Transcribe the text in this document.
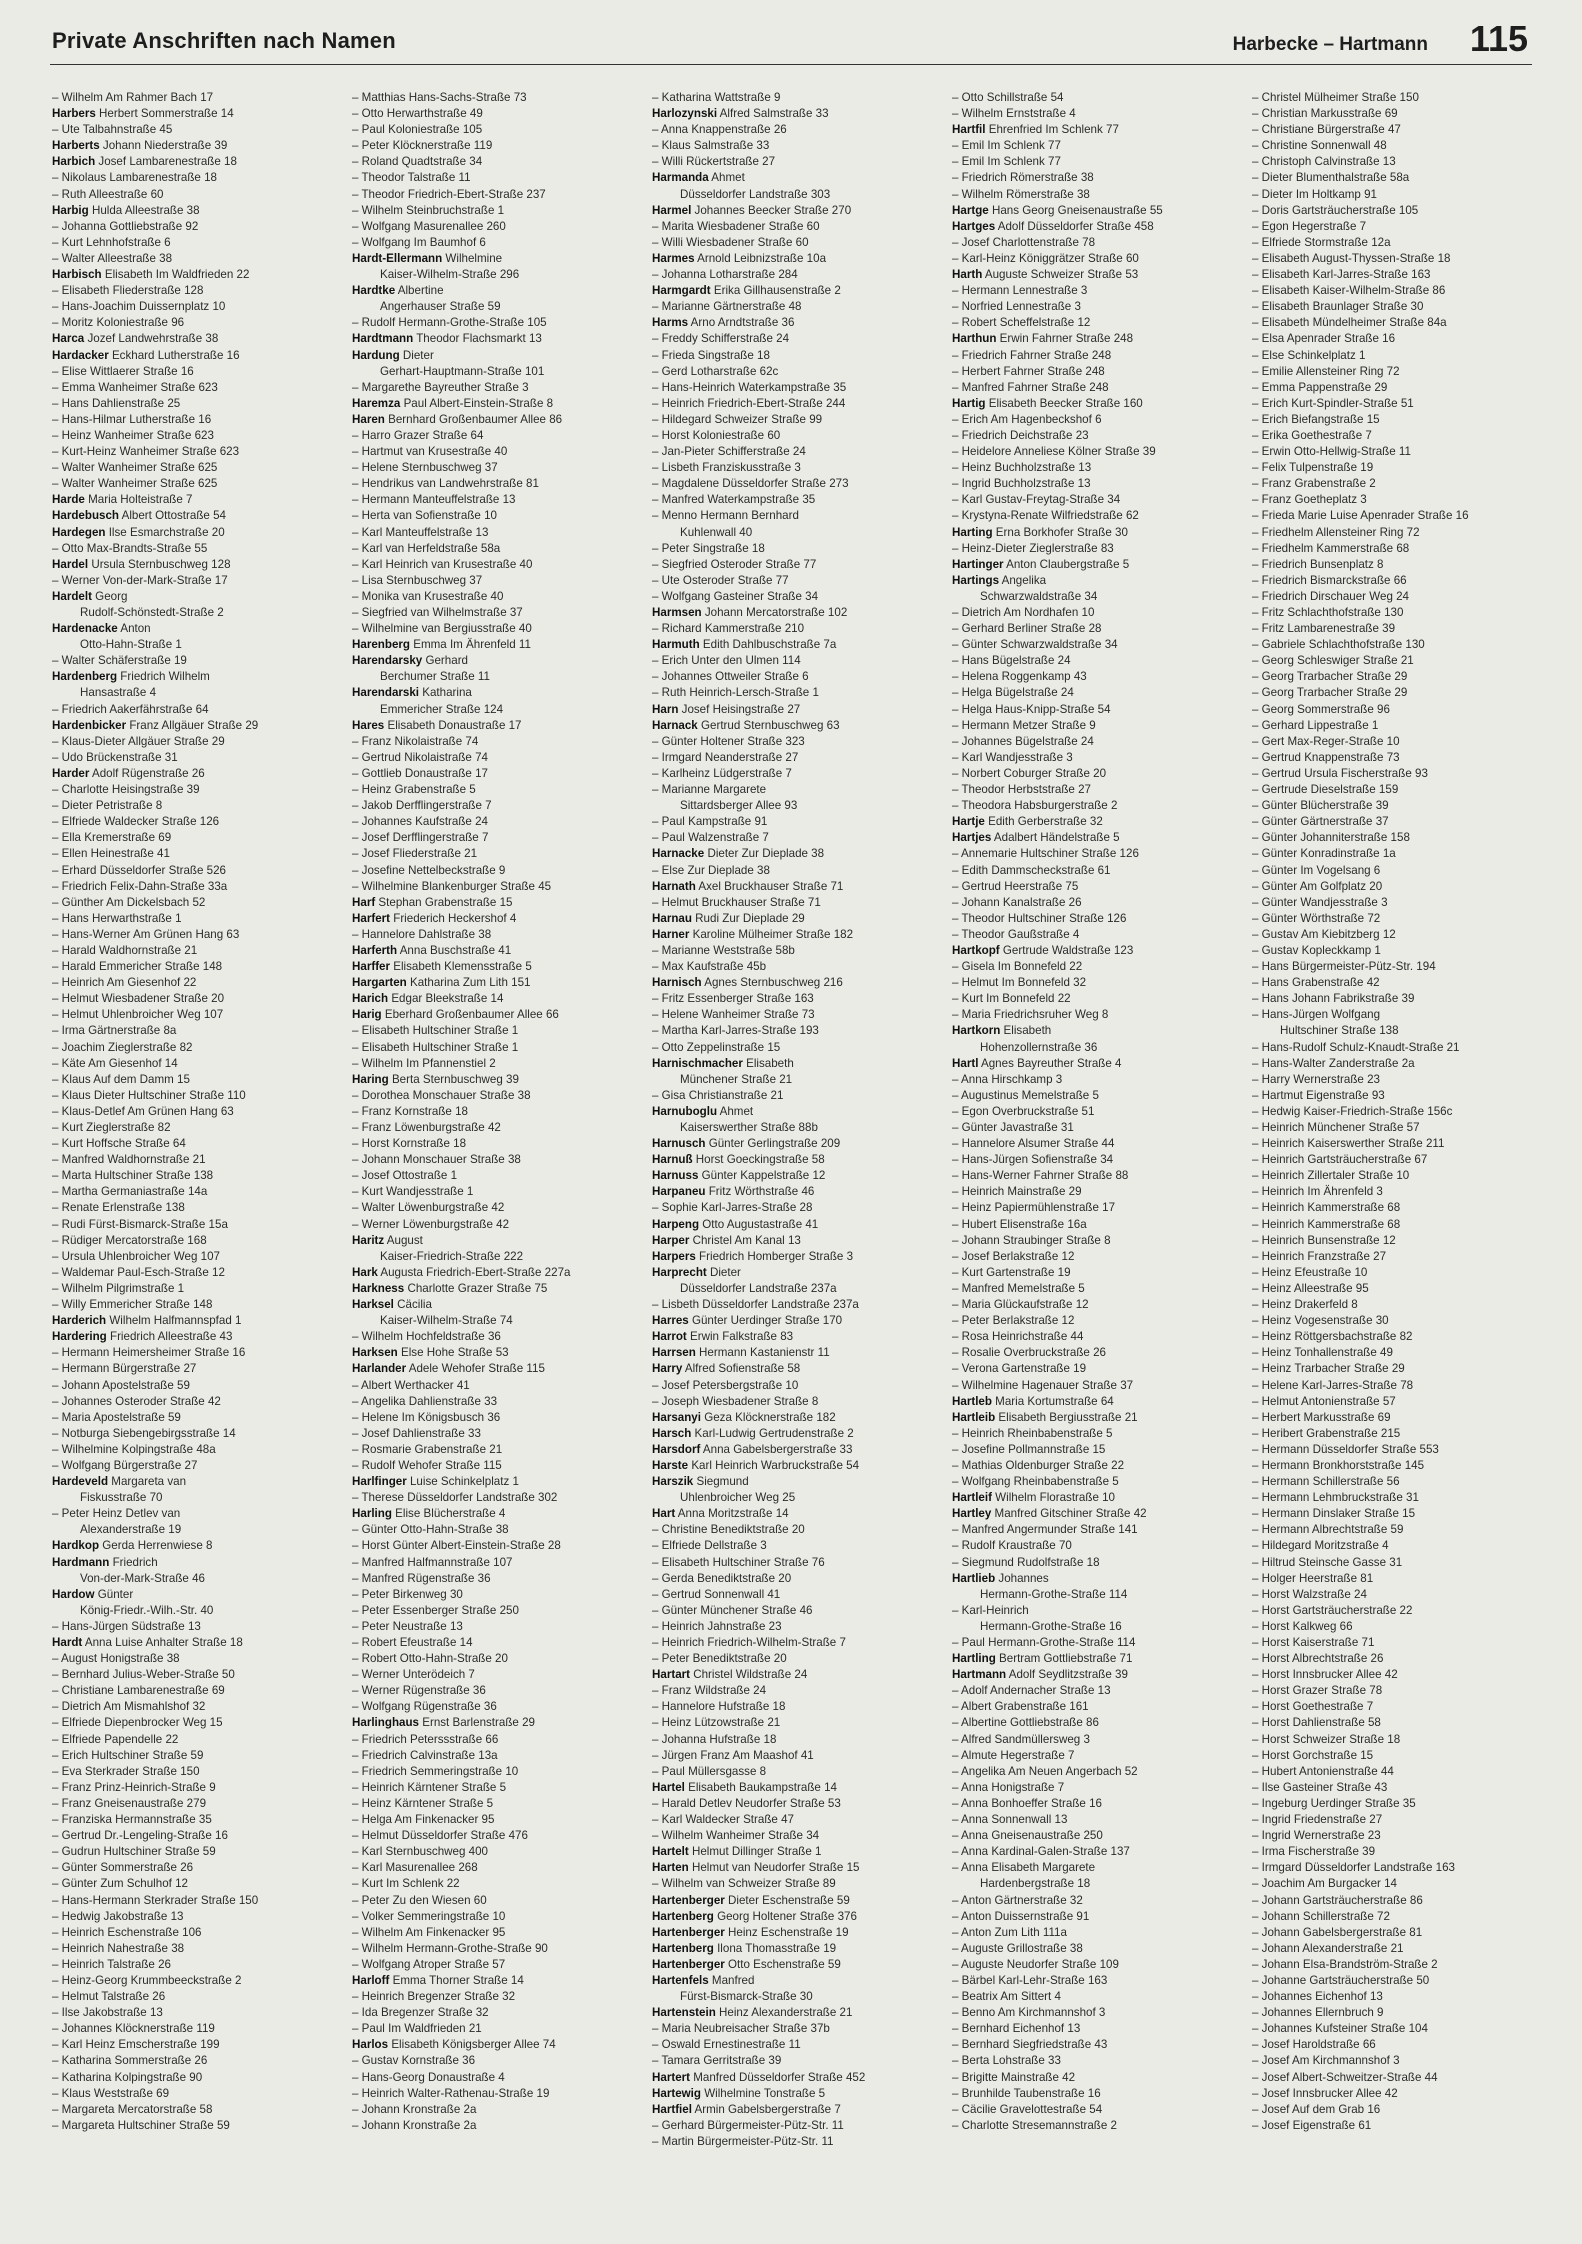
Private Anschriften nach Namen	Harbecke – Hartmann 115
– Wilhelm Am Rahmer Bach 17
Harbers Herbert Sommerstraße 14
– Ute Talbahnstraße 45
Harberts Johann Niederstraße 39
Harbich Josef Lambarenestraße 18
– Nikolaus Lambarenestraße 18
– Ruth Alleestraße 60
Harbig Hulda Alleestraße 38
– Johanna Gottliebstraße 92
– Kurt Lehnhofstraße 6
– Walter Alleestraße 38
Harbisch Elisabeth Im Waldfrieden 22
– Elisabeth Fliederstraße 128
– Hans-Joachim Duissernplatz 10
– Moritz Koloniestraße 96
Harca Jozef Landwehrstraße 38
Hardacker Eckhard Lutherstraße 16
– Elise Wittlaerer Straße 16
– Emma Wanheimer Straße 623
– Hans Dahlienstraße 25
– Hans-Hilmar Lutherstraße 16
– Heinz Wanheimer Straße 623
– Kurt-Heinz Wanheimer Straße 623
– Walter Wanheimer Straße 625
– Walter Wanheimer Straße 625
Harde Maria Holteistraße 7
Hardebusch Albert Ottostraße 54
Hardegen Ilse Esmarchstraße 20
– Otto Max-Brandts-Straße 55
Hardel Ursula Sternbuschweg 128
– Werner Von-der-Mark-Straße 17
Hardelt Georg
Rudolf-Schönstedt-Straße 2
Hardenacke Anton
Otto-Hahn-Straße 1
– Walter Schäferstraße 19
Hardenberg Friedrich Wilhelm
Hansastraße 4
– Friedrich Aakerfährstraße 64
Hardenbicker Franz Allgäuer Straße 29
– Klaus-Dieter Allgäuer Straße 29
– Udo Brückenstraße 31
Harder Adolf Rügenstraße 26
– Charlotte Heisingstraße 39
– Dieter Petristraße 8
– Elfriede Waldecker Straße 126
– Ella Kremerstraße 69
– Ellen Heinestraße 41
– Erhard Düsseldorfer Straße 526
– Friedrich Felix-Dahn-Straße 33a
– Günther Am Dickelsbach 52
– Hans Herwarthstraße 1
– Hans-Werner Am Grünen Hang 63
– Harald Waldhornstraße 21
– Harald Emmericher Straße 148
– Heinrich Am Giesenhof 22
– Helmut Wiesbadener Straße 20
– Helmut Uhlenbroicher Weg 107
– Irma Gärtnerstraße 8a
– Joachim Zieglerstraße 82
– Käte Am Giesenhof 14
– Klaus Auf dem Damm 15
– Klaus Dieter Hultschiner Straße 110
– Klaus-Detlef Am Grünen Hang 63
– Kurt Zieglerstraße 82
– Kurt Hoffsche Straße 64
– Manfred Waldhornstraße 21
– Marta Hultschiner Straße 138
– Martha Germaniastraße 14a
– Renate Erlenstraße 138
– Rudi Fürst-Bismarck-Straße 15a
– Rüdiger Mercatorstraße 168
– Ursula Uhlenbroicher Weg 107
– Waldemar Paul-Esch-Straße 12
– Wilhelm Pilgrimstraße 1
– Willy Emmericher Straße 148
Harderich Wilhelm Halfmannspfad 1
Hardering Friedrich Alleestraße 43
– Hermann Heimersheimer Straße 16
– Hermann Bürgerstraße 27
– Johann Apostelstraße 59
– Johannes Osteroder Straße 42
– Maria Apostelstraße 59
– Notburga Siebengebirgsstraße 14
– Wilhelmine Kolpingstraße 48a
– Wolfgang Bürgerstraße 27
Hardeveld Margareta van
Fiskusstraße 70
– Peter Heinz Detlev van
Alexanderstraße 19
Hardkop Gerda Herrenwiese 8
Hardmann Friedrich
Von-der-Mark-Straße 46
Hardow Günter
König-Friedr.-Wilh.-Str. 40
– Hans-Jürgen Südstraße 13
Hardt Anna Luise Anhalter Straße 18
– August Honigstraße 38
– Bernhard Julius-Weber-Straße 50
– Christiane Lambarenestraße 69
– Dietrich Am Mismahlshof 32
– Elfriede Diepenbrocker Weg 15
– Elfriede Papendelle 22
– Erich Hultschiner Straße 59
– Eva Sterkrader Straße 150
– Franz Prinz-Heinrich-Straße 9
– Franz Gneisenaustraße 279
– Franziska Hermannstraße 35
– Gertrud Dr.-Lengeling-Straße 16
– Gudrun Hultschiner Straße 59
– Günter Sommerstraße 26
– Günter Zum Schulhof 12
– Hans-Hermann Sterkrader Straße 150
– Hedwig Jakobstraße 13
– Heinrich Eschenstraße 106
– Heinrich Nahestraße 38
– Heinrich Talstraße 26
– Heinz-Georg Krummbeeckstraße 2
– Helmut Talstraße 26
– Ilse Jakobstraße 13
– Johannes Klöcknerstraße 119
– Karl Heinz Emscherstraße 199
– Katharina Sommerstraße 26
– Katharina Kolpingstraße 90
– Klaus Weststraße 69
– Margareta Mercatorstraße 58
– Margareta Hultschiner Straße 59
– Matthias Hans-Sachs-Straße 73
– Otto Herwarthstraße 49
– Paul Koloniestraße 105
– Peter Klöcknerstraße 119
– Roland Quadtstraße 34
– Theodor Talstraße 11
– Theodor Friedrich-Ebert-Straße 237
– Wilhelm Steinbruchstraße 1
– Wolfgang Masurenallee 260
– Wolfgang Im Baumhof 6
Hardt-Ellermann Wilhelmine
Kaiser-Wilhelm-Straße 296
Hardtke Albertine
Angerhauser Straße 59
– Rudolf Hermann-Grothe-Straße 105
Hardtmann Theodor Flachsmarkt 13
Hardung Dieter
Gerhart-Hauptmann-Straße 101
– Margarethe Bayreuther Straße 3
Haremza Paul Albert-Einstein-Straße 8
Haren Bernhard Großenbaumer Allee 86
– Harro Grazer Straße 64
– Hartmut van Krusestraße 40
– Helene Sternbuschweg 37
– Hendrikus van Landwehrstraße 81
– Hermann Manteuffelstraße 13
– Herta van Sofienstraße 10
– Karl Manteuffelstraße 13
– Karl van Herfeldstraße 58a
– Karl Heinrich van Krusestraße 40
– Lisa Sternbuschweg 37
– Monika van Krusestraße 40
– Siegfried van Wilhelmstraße 37
– Wilhelmine van Bergiusstraße 40
Harenberg Emma Im Ährenfeld 11
Harendarsky Gerhard
Berchumer Straße 11
Harendarski Katharina
Emmericher Straße 124
Hares Elisabeth Donaustraße 17
– Franz Nikolaistraße 74
– Gertrud Nikolaistraße 74
– Gottlieb Donaustraße 17
– Heinz Grabenstraße 5
– Jakob Derfflingerstraße 7
– Johannes Kaufstraße 24
– Josef Derfflingerstraße 7
– Josef Fliederstraße 21
– Josefine Nettelbeckstraße 9
– Wilhelmine Blankenburger Straße 45
Harf Stephan Grabenstraße 15
Harfert Friederich Heckershof 4
– Hannelore Dahlstraße 38
Harferth Anna Buschstraße 41
Harffer Elisabeth Klemensstraße 5
Hargarten Katharina Zum Lith 151
Harich Edgar Bleekstraße 14
Harig Eberhard Großenbaumer Allee 66
– Elisabeth Hultschiner Straße 1
– Elisabeth Hultschiner Straße 1
– Wilhelm Im Pfannenstiel 2
Haring Berta Sternbuschweg 39
– Dorothea Monschauer Straße 38
– Franz Kornstraße 18
– Franz Löwenburgstraße 42
– Horst Kornstraße 18
– Johann Monschauer Straße 38
– Josef Ottostraße 1
– Kurt Wandjesstraße 1
– Walter Löwenburgstraße 42
– Werner Löwenburgstraße 42
Haritz August
Kaiser-Friedrich-Straße 222
Hark Augusta Friedrich-Ebert-Straße 227a
Harkness Charlotte Grazer Straße 75
Harksel Cäcilia
Kaiser-Wilhelm-Straße 74
– Wilhelm Hochfeldstraße 36
Harksen Else Hohe Straße 53
Harlander Adele Wehofer Straße 115
– Albert Werthacker 41
– Angelika Dahlienstraße 33
– Helene Im Königsbusch 36
– Josef Dahlienstraße 33
– Rosmarie Grabenstraße 21
– Rudolf Wehofer Straße 115
Harlfinger Luise Schinkelplatz 1
– Therese Düsseldorfer Landstraße 302
Harling Elise Blücherstraße 4
– Günter Otto-Hahn-Straße 38
– Horst Günter Albert-Einstein-Straße 28
– Manfred Halfmannstraße 107
– Manfred Rügenstraße 36
– Peter Birkenweg 30
– Peter Essenberger Straße 250
– Peter Neustraße 13
– Robert Efeustraße 14
– Robert Otto-Hahn-Straße 20
– Werner Unterödeich 7
– Werner Rügenstraße 36
– Wolfgang Rügenstraße 36
Harlinghaus Ernst Barlenstraße 29
– Friedrich Peterssstraße 66
– Friedrich Calvinstraße 13a
– Friedrich Semmeringstraße 10
– Heinrich Kärntener Straße 5
– Heinz Kärntener Straße 5
– Helga Am Finkenacker 95
– Helmut Düsseldorfer Straße 476
– Karl Sternbuschweg 400
– Karl Masurenallee 268
– Kurt Im Schlenk 22
– Peter Zu den Wiesen 60
– Volker Semmeringstraße 10
– Wilhelm Am Finkenacker 95
– Wilhelm Hermann-Grothe-Straße 90
– Wolfgang Atroper Straße 57
Harloff Emma Thorner Straße 14
– Heinrich Bregenzer Straße 32
– Ida Bregenzer Straße 32
– Paul Im Waldfrieden 21
Harlos Elisabeth Königsberger Allee 74
– Gustav Kornstraße 36
– Hans-Georg Donaustraße 4
– Heinrich Walter-Rathenau-Straße 19
– Johann Kronstraße 2a
– Johann Kronstraße 2a
– Katharina Wattstraße 9
Harlozynski Alfred Salmstraße 33
– Anna Knappenstraße 26
– Klaus Salmstraße 33
– Willi Rückertstraße 27
Harmanda Ahmet
Düsseldorfer Landstraße 303
Harmel Johannes Beecker Straße 270
– Marita Wiesbadener Straße 60
– Willi Wiesbadener Straße 60
Harmes Arnold Leibnizstraße 10a
– Johanna Lotharstraße 284
Harmgardt Erika Gillhausenstraße 2
– Marianne Gärtnerstraße 48
Harms Arno Arndtstraße 36
– Freddy Schifferstraße 24
– Frieda Singstraße 18
– Gerd Lotharstraße 62c
– Hans-Heinrich Waterkampstraße 35
– Heinrich Friedrich-Ebert-Straße 244
– Hildegard Schweizer Straße 99
– Horst Koloniestraße 60
– Jan-Pieter Schifferstraße 24
– Lisbeth Franziskusstraße 3
– Magdalene Düsseldorfer Straße 273
– Manfred Waterkampstraße 35
– Menno Hermann Bernhard
Kuhlenwall 40
– Peter Singstraße 18
– Siegfried Osteroder Straße 77
– Ute Osteroder Straße 77
– Wolfgang Gasteiner Straße 34
Harmsen Johann Mercatorstraße 102
– Richard Kammerstraße 210
Harmuth Edith Dahlbuschstraße 7a
– Erich Unter den Ulmen 114
– Johannes Ottweiler Straße 6
– Ruth Heinrich-Lersch-Straße 1
Harn Josef Heisingstraße 27
Harnack Gertrud Sternbuschweg 63
– Günter Holtener Straße 323
– Irmgard Neanderstraße 27
– Karlheinz Lüdgerstraße 7
– Marianne Margarete
Sittardsberger Allee 93
– Paul Kampstraße 91
– Paul Walzenstraße 7
Harnacke Dieter Zur Dieplade 38
– Else Zur Dieplade 38
Harnath Axel Bruckhauser Straße 71
– Helmut Bruckhauser Straße 71
Harnau Rudi Zur Dieplade 29
Harner Karoline Mülheimer Straße 182
– Marianne Weststraße 58b
– Max Kaufstraße 45b
Harnisch Agnes Sternbuschweg 216
– Fritz Essenberger Straße 163
– Helene Wanheimer Straße 73
– Martha Karl-Jarres-Straße 193
– Otto Zeppelinstraße 15
Harnischmacher Elisabeth
Münchener Straße 21
– Gisa Christianstraße 21
Harnuboglu Ahmet
Kaiserswerther Straße 88b
Harnusch Günter Gerlingstraße 209
Harnuß Horst Goeckingstraße 58
Harnuss Günter Kappelstraße 12
Harpaneu Fritz Wörthstraße 46
– Sophie Karl-Jarres-Straße 28
Harpeng Otto Augustastraße 41
Harper Christel Am Kanal 13
Harpers Friedrich Homberger Straße 3
Harprecht Dieter
Düsseldorfer Landstraße 237a
– Lisbeth Düsseldorfer Landstraße 237a
Harres Günter Uerdinger Straße 170
Harrot Erwin Falkstraße 83
Harrsen Hermann Kastanienstr 11
Harry Alfred Sofienstraße 58
– Josef Petersbergstraße 10
– Joseph Wiesbadener Straße 8
Harsanyi Geza Klöcknerstraße 182
Harsch Karl-Ludwig Gertrudenstraße 2
Harsdorf Anna Gabelsbergerstraße 33
Harste Karl Heinrich Warbruckstraße 54
Harszik Siegmund
Uhlenbroicher Weg 25
Hart Anna Moritzstraße 14
– Christine Benediktstraße 20
– Elfriede Dellstraße 3
– Elisabeth Hultschiner Straße 76
– Gerda Benediktstraße 20
– Gertrud Sonnenwall 41
– Günter Münchener Straße 46
– Heinrich Jahnstraße 23
– Heinrich Friedrich-Wilhelm-Straße 7
– Peter Benediktstraße 20
Hartart Christel Wildstraße 24
– Franz Wildstraße 24
– Hannelore Hufstraße 18
– Heinz Lützowstraße 21
– Johanna Hufstraße 18
– Jürgen Franz Am Maashof 41
– Paul Müllersgasse 8
Hartel Elisabeth Baukampstraße 14
– Harald Detlev Neudorfer Straße 53
– Karl Waldecker Straße 47
– Wilhelm Wanheimer Straße 34
Hartelt Helmut Dillinger Straße 1
Harten Helmut van Neudorfer Straße 15
– Wilhelm van Schweizer Straße 89
Hartenberger Dieter Eschenstraße 59
Hartenberg Georg Holtener Straße 376
Hartenberger Heinz Eschenstraße 19
Hartenberg Ilona Thomasstraße 19
Hartenberger Otto Eschenstraße 59
Hartenfels Manfred
Fürst-Bismarck-Straße 30
Hartenstein Heinz Alexanderstraße 21
– Maria Neubreisacher Straße 37b
– Oswald Ernestinestraße 11
– Tamara Gerritstraße 39
Hartert Manfred Düsseldorfer Straße 452
Hartewig Wilhelmine Tonstraße 5
Hartfiel Armin Gabelsbergerstraße 7
– Gerhard Bürgermeister-Pütz-Str. 11
– Martin Bürgermeister-Pütz-Str. 11
– Otto Schillstraße 54
– Wilhelm Ernststraße 4
Hartfil Ehrenfried Im Schlenk 77
– Emil Im Schlenk 77
– Emil Im Schlenk 77
– Friedrich Römerstraße 38
– Wilhelm Römerstraße 38
Hartge Hans Georg Gneisenaustraße 55
Hartges Adolf Düsseldorfer Straße 458
– Josef Charlottenstraße 78
– Karl-Heinz Königgrätzer Straße 60
Harth Auguste Schweizer Straße 53
– Hermann Lennestraße 3
– Norfried Lennestraße 3
– Robert Scheffelstraße 12
Harthun Erwin Fahrner Straße 248
– Friedrich Fahrner Straße 248
– Herbert Fahrner Straße 248
– Manfred Fahrner Straße 248
Hartig Elisabeth Beecker Straße 160
– Erich Am Hagenbeckshof 6
– Friedrich Deichstraße 23
– Heidelore Anneliese Kölner Straße 39
– Heinz Buchholzstraße 13
– Ingrid Buchholzstraße 13
– Karl Gustav-Freytag-Straße 34
– Krystyna-Renate Wilfriedstraße 62
Harting Erna Borkhofer Straße 30
– Heinz-Dieter Zieglerstraße 83
Hartinger Anton Claubergstraße 5
Hartings Angelika
Schwarzwaldstraße 34
– Dietrich Am Nordhafen 10
– Gerhard Berliner Straße 28
– Günter Schwarzwaldstraße 34
– Hans Bügelstraße 24
– Helena Roggenkamp 43
– Helga Bügelstraße 24
– Helga Haus-Knipp-Straße 54
– Hermann Metzer Straße 9
– Johannes Bügelstraße 24
– Karl Wandjesstraße 3
– Norbert Coburger Straße 20
– Theodor Herbststraße 27
– Theodora Habsburgerstraße 2
Hartje Edith Gerberstraße 32
Hartjes Adalbert Händelstraße 5
– Annemarie Hultschiner Straße 126
– Edith Dammscheckstraße 61
– Gertrud Heerstraße 75
– Johann Kanalstraße 26
– Theodor Hultschiner Straße 126
– Theodor Gaußstraße 4
Hartkopf Gertrude Waldstraße 123
– Gisela Im Bonnefeld 22
– Helmut Im Bonnefeld 32
– Kurt Im Bonnefeld 22
– Maria Friedrichsruher Weg 8
Hartkorn Elisabeth
Hohenzollernstraße 36
Hartl Agnes Bayreuther Straße 4
– Anna Hirschkamp 3
– Augustinus Memelstraße 5
– Egon Overbruckstraße 51
– Günter Javastraße 31
– Hannelore Alsumer Straße 44
– Hans-Jürgen Sofienstraße 34
– Hans-Werner Fahrner Straße 88
– Heinrich Mainstraße 29
– Heinz Papiermühlenstraße 17
– Hubert Elisenstraße 16a
– Johann Straubinger Straße 8
– Josef Berlakstraße 12
– Kurt Gartenstraße 19
– Manfred Memelstraße 5
– Maria Glückaufstraße 12
– Peter Berlakstraße 12
– Rosa Heinrichstraße 44
– Rosalie Overbruckstraße 26
– Verona Gartenstraße 19
– Wilhelmine Hagenauer Straße 37
Hartleb Maria Kortumstraße 64
Hartleib Elisabeth Bergiusstraße 21
– Heinrich Rheinbabenstraße 5
– Josefine Pollmannstraße 15
– Mathias Oldenburger Straße 22
– Wolfgang Rheinbabenstraße 5
Hartleif Wilhelm Florastraße 10
Hartley Manfred Gitschiner Straße 42
– Manfred Angermunder Straße 141
– Rudolf Kraustraße 70
– Siegmund Rudolfstraße 18
Hartlieb Johannes
Hermann-Grothe-Straße 114
– Karl-Heinrich
Hermann-Grothe-Straße 16
– Paul Hermann-Grothe-Straße 114
Hartling Bertram Gottliebstraße 71
Hartmann Adolf Seydlitzstraße 39
– Adolf Andernacher Straße 13
– Albert Grabenstraße 161
– Albertine Gottliebstraße 86
– Alfred Sandmüllersweg 3
– Almute Hegerstraße 7
– Angelika Am Neuen Angerbach 52
– Anna Honigstraße 7
– Anna Bonhoeffer Straße 16
– Anna Sonnenwall 13
– Anna Gneisenaustraße 250
– Anna Kardinal-Galen-Straße 137
– Anna Elisabeth Margarete
Hardenbergstraße 18
– Anton Gärtnerstraße 32
– Anton Duissernstraße 91
– Anton Zum Lith 111a
– Auguste Grillostraße 38
– Auguste Neudorfer Straße 109
– Bärbel Karl-Lehr-Straße 163
– Beatrix Am Sittert 4
– Benno Am Kirchmannshof 3
– Bernhard Eichenhof 13
– Bernhard Siegfriedstraße 43
– Berta Lohstraße 33
– Brigitte Mainstraße 42
– Brunhilde Taubenstraße 16
– Cäcilie Gravelottestraße 54
– Charlotte Stresemannstraße 2
– Christel Mülheimer Straße 150
– Christian Markusstraße 69
– Christiane Bürgerstraße 47
– Christine Sonnenwall 48
– Christoph Calvinstraße 13
– Dieter Blumenthalstraße 58a
– Dieter Im Holtkamp 91
– Doris Gartsträucherstraße 105
– Egon Hegerstraße 7
– Elfriede Stormstraße 12a
– Elisabeth August-Thyssen-Straße 18
– Elisabeth Karl-Jarres-Straße 163
– Elisabeth Kaiser-Wilhelm-Straße 86
– Elisabeth Braunlager Straße 30
– Elisabeth Mündelheimer Straße 84a
– Elsa Apenrader Straße 16
– Else Schinkelplatz 1
– Emilie Allensteiner Ring 72
– Emma Pappenstraße 29
– Erich Kurt-Spindler-Straße 51
– Erich Biefangstraße 15
– Erika Goethestraße 7
– Erwin Otto-Hellwig-Straße 11
– Felix Tulpenstraße 19
– Franz Grabenstraße 2
– Franz Goetheplatz 3
– Frieda Marie Luise Apenrader Straße 16
– Friedhelm Allensteiner Ring 72
– Friedhelm Kammerstraße 68
– Friedrich Bunsenplatz 8
– Friedrich Bismarckstraße 66
– Friedrich Dirschauer Weg 24
– Fritz Schlachthofstraße 130
– Fritz Lambarenestraße 39
– Gabriele Schlachthofstraße 130
– Georg Schleswiger Straße 21
– Georg Trarbacher Straße 29
– Georg Trarbacher Straße 29
– Georg Sommerstraße 96
– Gerhard Lippestraße 1
– Gert Max-Reger-Straße 10
– Gertrud Knappenstraße 73
– Gertrud Ursula Fischerstraße 93
– Gertrude Dieselstraße 159
– Günter Blücherstraße 39
– Günter Gärtnerstraße 37
– Günter Johanniterstraße 158
– Günter Konradinstraße 1a
– Günter Im Vogelsang 6
– Günter Am Golfplatz 20
– Günter Wandjesstraße 3
– Günter Wörthstraße 72
– Gustav Am Kiebitzberg 12
– Gustav Kopleckkamp 1
– Hans Bürgermeister-Pütz-Str. 194
– Hans Grabenstraße 42
– Hans Johann Fabrikstraße 39
– Hans-Jürgen Wolfgang
Hultschiner Straße 138
– Hans-Rudolf Schulz-Knaudt-Straße 21
– Hans-Walter Zanderstraße 2a
– Harry Wernerstraße 23
– Hartmut Eigenstraße 93
– Hedwig Kaiser-Friedrich-Straße 156c
– Heinrich Münchener Straße 57
– Heinrich Kaiserswerther Straße 211
– Heinrich Gartsträucherstraße 67
– Heinrich Zillertaler Straße 10
– Heinrich Im Ährenfeld 3
– Heinrich Kammerstraße 68
– Heinrich Kammerstraße 68
– Heinrich Bunsenstraße 12
– Heinrich Franzstraße 27
– Heinz Efeustraße 10
– Heinz Alleestraße 95
– Heinz Drakerfeld 8
– Heinz Vogesenstraße 30
– Heinz Röttgersbachstraße 82
– Heinz Tonhallenstraße 49
– Heinz Trarbacher Straße 29
– Helene Karl-Jarres-Straße 78
– Helmut Antonienstraße 57
– Herbert Markusstraße 69
– Heribert Grabenstraße 215
– Hermann Düsseldorfer Straße 553
– Hermann Bronkhorststraße 145
– Hermann Schillerstraße 56
– Hermann Lehmbruckstraße 31
– Hermann Dinslaker Straße 15
– Hermann Albrechtstraße 59
– Hildegard Moritzstraße 4
– Hiltrud Steinsche Gasse 31
– Holger Heerstraße 81
– Horst Walzstraße 24
– Horst Gartsträucherstraße 22
– Horst Kalkweg 66
– Horst Kaiserstraße 71
– Horst Albrechtstraße 26
– Horst Innsbrucker Allee 42
– Horst Grazer Straße 78
– Horst Goethestraße 7
– Horst Dahlienstraße 58
– Horst Schweizer Straße 18
– Horst Gorchstraße 15
– Hubert Antonienstraße 44
– Ilse Gasteiner Straße 43
– Ingeburg Uerdinger Straße 35
– Ingrid Friedenstraße 27
– Ingrid Wernerstraße 23
– Irma Fischerstraße 39
– Irmgard Düsseldorfer Landstraße 163
– Joachim Am Burgacker 14
– Johann Gartsträucherstraße 86
– Johann Schillerstraße 72
– Johann Gabelsbergerstraße 81
– Johann Alexanderstraße 21
– Johann Elsa-Brandström-Straße 2
– Johanne Gartsträucherstraße 50
– Johannes Eichenhof 13
– Johannes Ellernbruch 9
– Johannes Kufsteiner Straße 104
– Josef Haroldstraße 66
– Josef Am Kirchmannshof 3
– Josef Albert-Schweitzer-Straße 44
– Josef Innsbrucker Allee 42
– Josef Auf dem Grab 16
– Josef Eigenstraße 61
